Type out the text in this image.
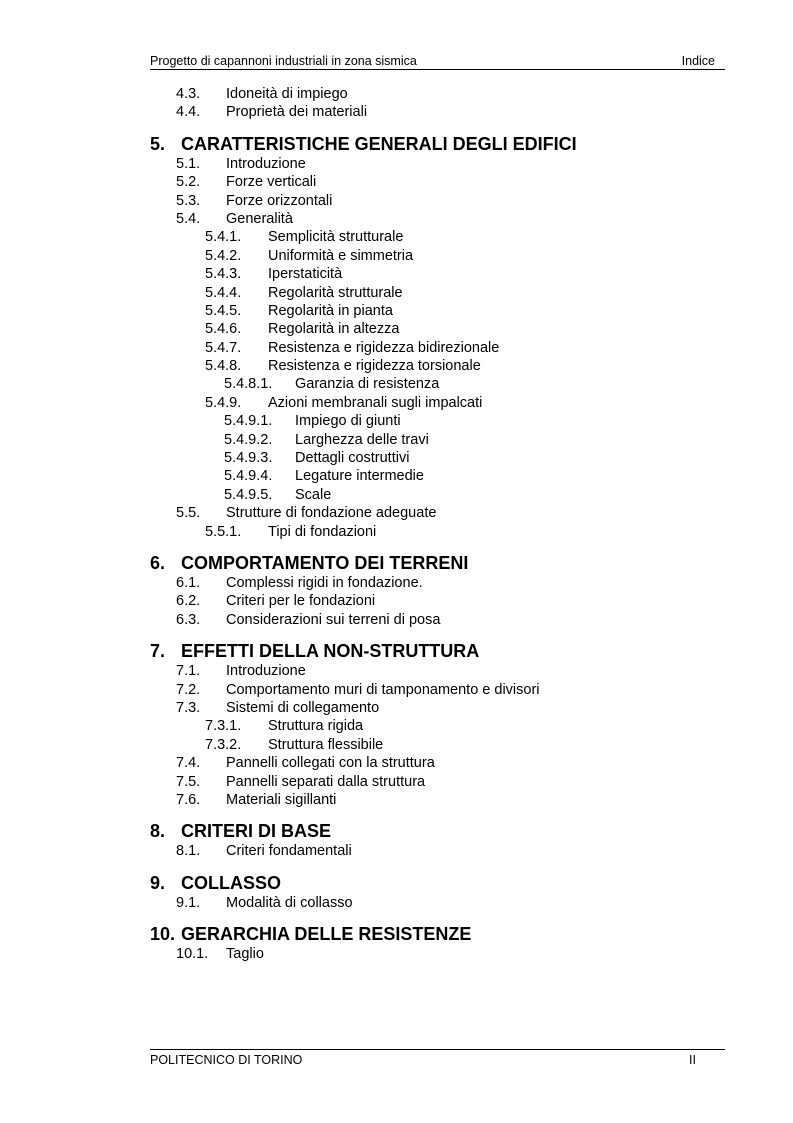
Progetto di capannoni industriali in zona sismica	Indice
4.3. Idoneità di impiego
4.4. Proprietà dei materiali
5. CARATTERISTICHE GENERALI DEGLI EDIFICI
5.1. Introduzione
5.2. Forze verticali
5.3. Forze orizzontali
5.4. Generalità
5.4.1. Semplicità strutturale
5.4.2. Uniformità e simmetria
5.4.3. Iperstaticità
5.4.4. Regolarità strutturale
5.4.5. Regolarità in pianta
5.4.6. Regolarità in altezza
5.4.7. Resistenza e rigidezza bidirezionale
5.4.8. Resistenza e rigidezza torsionale
5.4.8.1. Garanzia di resistenza
5.4.9. Azioni membranali sugli impalcati
5.4.9.1. Impiego di giunti
5.4.9.2. Larghezza delle travi
5.4.9.3. Dettagli costruttivi
5.4.9.4. Legature intermedie
5.4.9.5. Scale
5.5. Strutture di fondazione adeguate
5.5.1. Tipi di fondazioni
6. COMPORTAMENTO DEI TERRENI
6.1. Complessi rigidi in fondazione.
6.2. Criteri per le fondazioni
6.3. Considerazioni sui terreni di posa
7. EFFETTI DELLA NON-STRUTTURA
7.1. Introduzione
7.2. Comportamento muri di tamponamento e divisori
7.3. Sistemi di collegamento
7.3.1. Struttura rigida
7.3.2. Struttura flessibile
7.4. Pannelli collegati con la struttura
7.5. Pannelli separati dalla struttura
7.6. Materiali sigillanti
8. CRITERI DI BASE
8.1. Criteri fondamentali
9. COLLASSO
9.1. Modalità di collasso
10. GERARCHIA DELLE RESISTENZE
10.1. Taglio
POLITECNICO DI TORINO	II
